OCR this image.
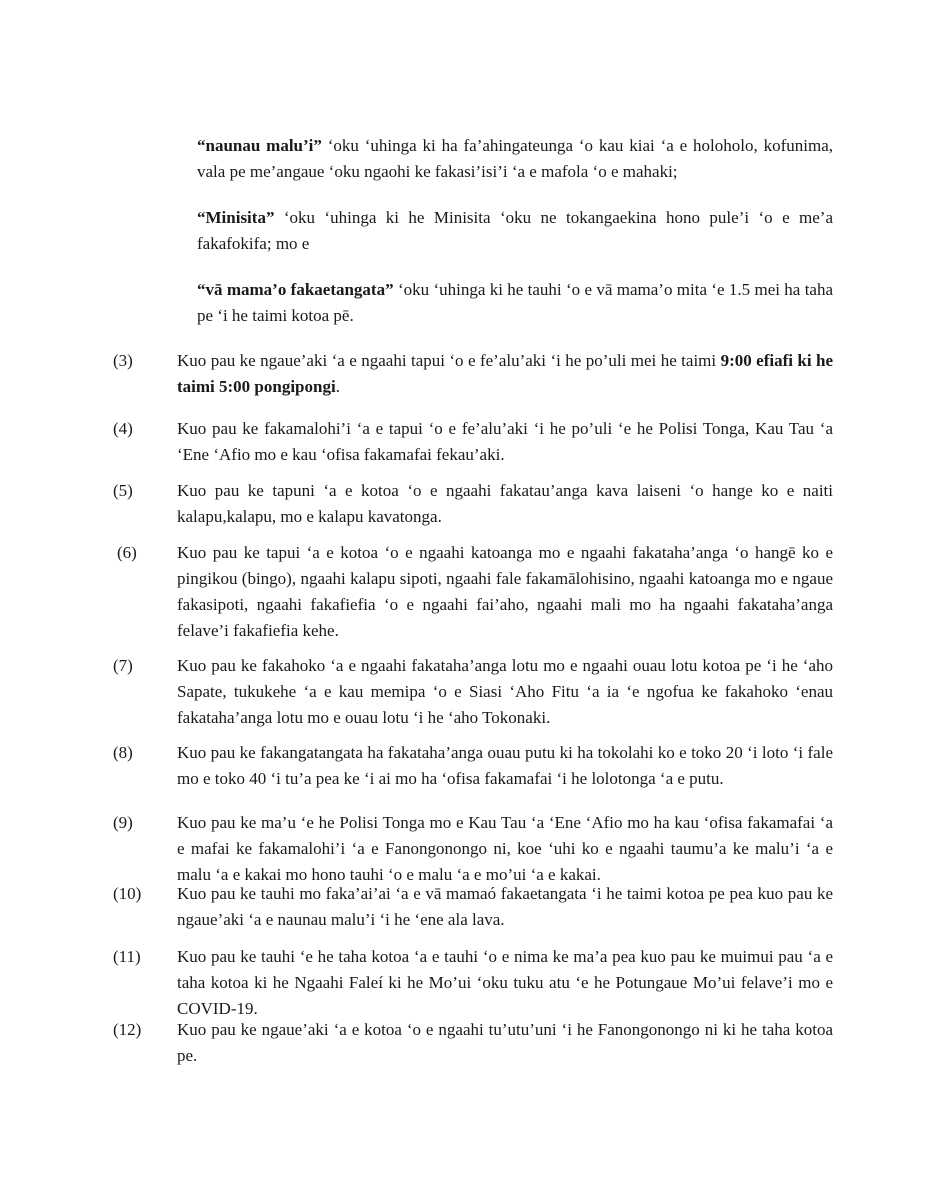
“naunau malu’i” ‘oku ‘uhinga ki ha fa’ahingateunga ‘o kau kiai ‘a e holoholo, kofunima, vala pe me’angaue ‘oku ngaohi ke fakasi’isi’i ‘a e mafola ‘o e mahaki;
“Minisita” ‘oku ‘uhinga ki he Minisita ‘oku ne tokangaekina hono pule’i ‘o e me’a fakafokifa; mo e
“vā mama’o fakaetangata” ‘oku ‘uhinga ki he tauhi ‘o e vā mama’o mita ‘e 1.5 mei ha taha pe ‘i he taimi kotoa pē.
(3)	Kuo pau ke ngaue’aki ‘a e ngaahi tapui ‘o e fe’alu’aki ‘i he po’uli mei he taimi 9:00 efiafi ki he taimi 5:00 pongipongi.
(4)	Kuo pau ke fakamalohi’i ‘a e tapui ‘o e fe’alu’aki ‘i he po’uli ‘e he Polisi Tonga, Kau Tau ‘a ‘Ene ‘Afio mo e kau ‘ofisa fakamafai fekau’aki.
(5)	Kuo pau ke tapuni ‘a e kotoa ‘o e ngaahi fakatau’anga kava laiseni ‘o hange ko e naiti kalapu,kalapu, mo e kalapu kavatonga.
(6) Kuo pau ke tapui ‘a e kotoa ‘o e ngaahi katoanga mo e ngaahi fakataha’anga ‘o hangē ko e pingikou (bingo), ngaahi kalapu sipoti, ngaahi fale fakamālohisino, ngaahi katoanga mo e ngaue fakasipoti, ngaahi fakafiefia ‘o e ngaahi fai’aho, ngaahi mali mo ha ngaahi fakataha’anga felave’i fakafiefia kehe.
(7)	Kuo pau ke fakahoko ‘a e ngaahi fakataha’anga lotu mo e ngaahi ouau lotu kotoa pe ‘i he ‘aho Sapate, tukukehe ‘a e kau memipa ‘o e Siasi ‘Aho Fitu ‘a ia ‘e ngofua ke fakahoko ‘enau fakataha’anga lotu mo e ouau lotu ‘i he ‘aho Tokonaki.
(8)	Kuo pau ke fakangatangata ha fakataha’anga ouau putu ki ha tokolahi ko e toko 20 ‘i loto ‘i fale mo e toko 40 ‘i tu’a pea ke ‘i ai mo ha ‘ofisa fakamafai ‘i he lolotonga ‘a e putu.
(9)	Kuo pau ke ma’u ‘e he Polisi Tonga mo e Kau Tau ‘a ‘Ene ‘Afio mo ha kau ‘ofisa fakamafai ‘a e mafai ke fakamalohi’i ‘a e Fanongonongo ni, koe ‘uhi ko e ngaahi taumu’a ke malu’i ‘a e malu ‘a e kakai mo hono tauhi ‘o e malu ‘a e mo’ui ‘a e kakai.
(10) Kuo pau ke tauhi mo faka’ai’ai ‘a e vā mamaó fakaetangata ‘i he taimi kotoa pe pea kuo pau ke ngaue’aki ‘a e naunau malu’i ‘i he ‘ene ala lava.
(11) Kuo pau ke tauhi ‘e he taha kotoa ‘a e tauhi ‘o e nima ke ma’a pea kuo pau ke muimui pau ‘a e taha kotoa ki he Ngaahi Faleí ki he Mo’ui ‘oku tuku atu ‘e he Potungaue Mo’ui felave’i mo e COVID-19.
(12) Kuo pau ke ngaue’aki ‘a e kotoa ‘o e ngaahi tu’utu’uni ‘i he Fanongonongo ni ki he taha kotoa pe.
